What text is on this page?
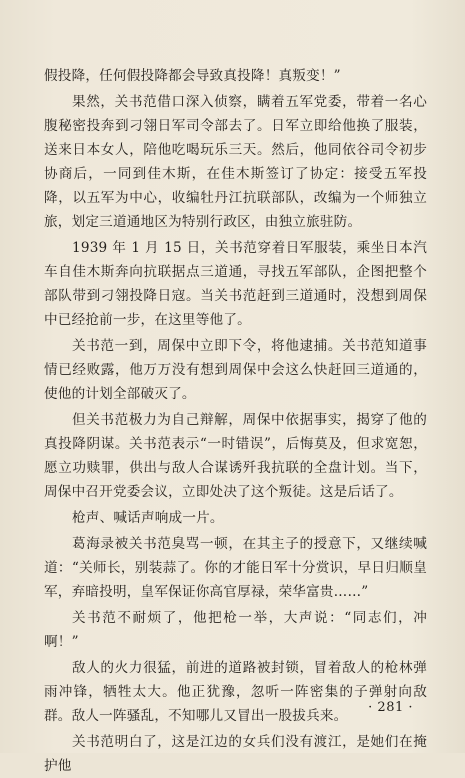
假投降，任何假投降都会导致真投降！真叛变！”

果然，关书范借口深入侦察，瞒着五军党委，带着一名心腹秘密投奔到刁翎日军司令部去了。日军立即给他换了服装，送来日本女人，陪他吃喝玩乐三天。然后，他同依谷司令初步协商后，一同到佳木斯，在佳木斯签订了协定：接受五军投降，以五军为中心，收编牡丹江抗联部队，改编为一个师独立旅，划定三道通地区为特别行政区，由独立旅驻防。

1939 年 1 月 15 日，关书范穿着日军服装，乘坐日本汽车自佳木斯奔向抗联据点三道通，寻找五军部队，企图把整个部队带到刁翎投降日寇。当关书范赶到三道通时，没想到周保中已经抢前一步，在这里等他了。

关书范一到，周保中立即下令，将他逮捕。关书范知道事情已经败露，他万万没有想到周保中会这么快赶回三道通的，使他的计划全部破灭了。

但关书范极力为自己辩解，周保中依据事实，揭穿了他的真投降阴谋。关书范表示“一时错误”，后悔莫及，但求宽恕，愿立功赎罪，供出与敌人合谋诱歼我抗联的全盘计划。当下，周保中召开党委会议，立即处决了这个叛徒。这是后话了。

枪声、喊话声响成一片。

葛海录被关书范臭骂一顿，在其主子的授意下，又继续喊道：“关师长，别装蒜了。你的才能日军十分赏识，早日归顺皇军，弃暗投明，皇军保证你高官厚禄，荣华富贵……”

关书范不耐烦了，他把枪一举，大声说：“同志们，冲啊！”

敌人的火力很猛，前进的道路被封锁，冒着敌人的枪林弹雨冲锋，牺牲太大。他正犹豫，忽听一阵密集的子弹射向敌群。敌人一阵骚乱，不知哪儿又冒出一股拔兵来。

关书范明白了，这是江边的女兵们没有渡江，是她们在掩护他

· 281 ·
